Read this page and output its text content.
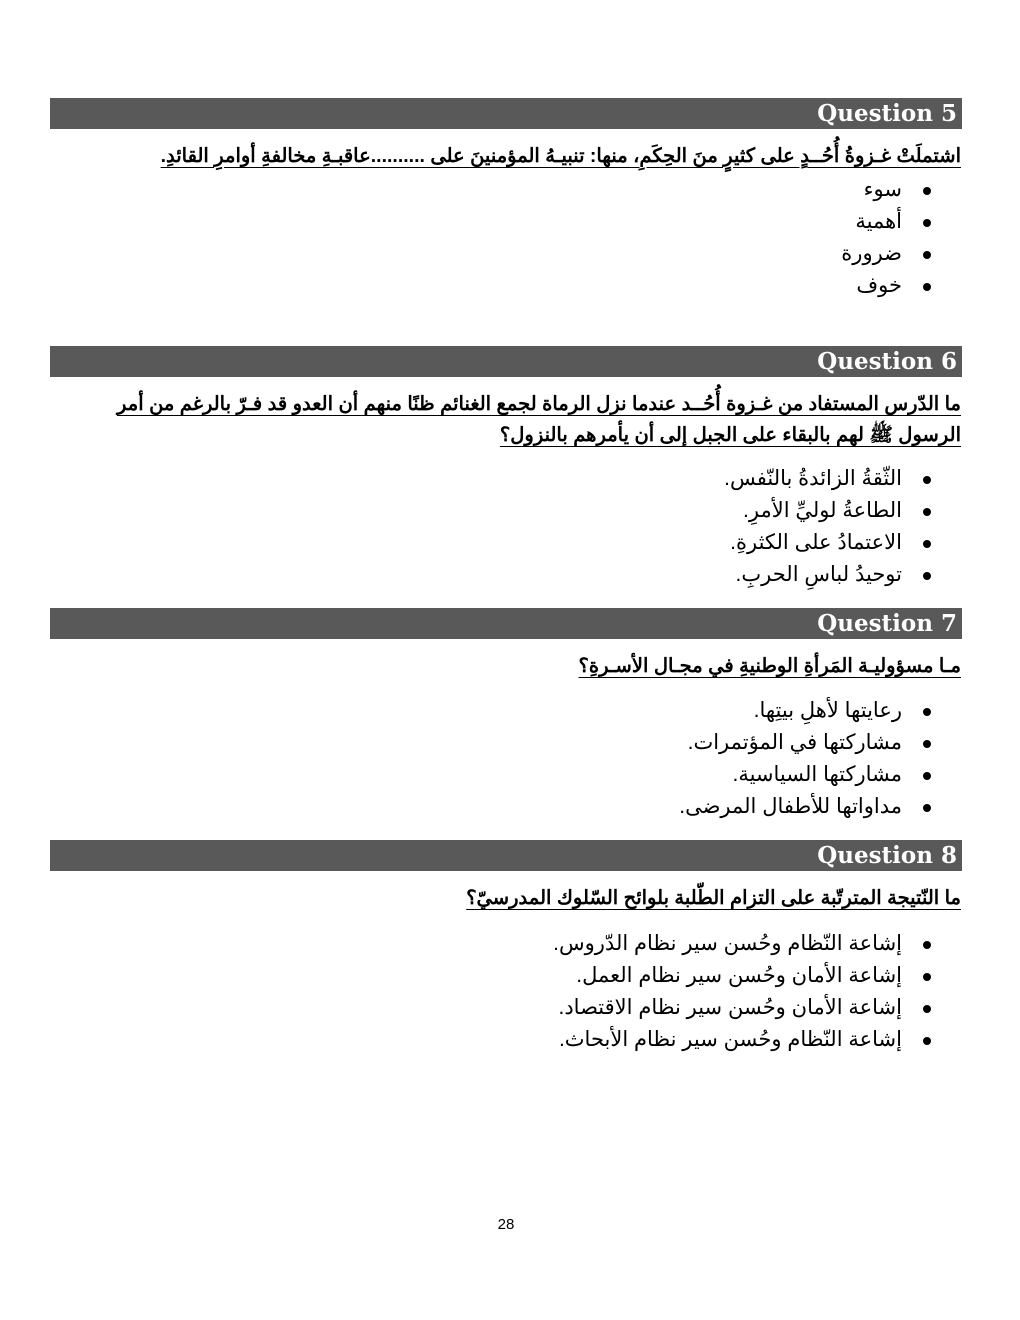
Question 5
اشتملَتْ غـزوةُ أُحُــدٍ على كثيرٍ منَ الحِكَمِ، منها: تنبيـهُ المؤمنينَ على ..........عاقبـةِ مخالفةِ أوامرِ القائدِ.
سوء
أهمية
ضرورة
خوف
Question 6
ما الدّرس المستفاد من غـزوة أُحُــد عندما نزل الرماة لجمع الغنائم ظنًا منهم أن العدو قد فـرّ بالرغم من أمر الرسول ﷺ لهم بالبقاء على الجبل إلى أن يأمرهم بالنزول؟
الثّقةُ الزائدةُ بالنّفس.
الطاعةُ لوليِّ الأمرِ.
الاعتمادُ على الكثرةِ.
توحيدُ لباسِ الحربِ.
Question 7
مـا مسؤوليـة المَرأةِ الوطنيةِ في مجـال الأسـرةِ؟
رعايتها لأهلِ بيتِها.
مشاركتها في المؤتمرات.
مشاركتها السياسية.
مداواتها للأطفال المرضى.
Question 8
ما النّتيجة المترتّبة على التزام الطّلبة بلوائح السّلوك المدرسيّ؟
إشاعة النّظام وحُسن سير نظام الدّروس.
إشاعة الأمان وحُسن سير نظام العمل.
إشاعة الأمان وحُسن سير نظام الاقتصاد.
إشاعة النّظام وحُسن سير نظام الأبحاث.
28
